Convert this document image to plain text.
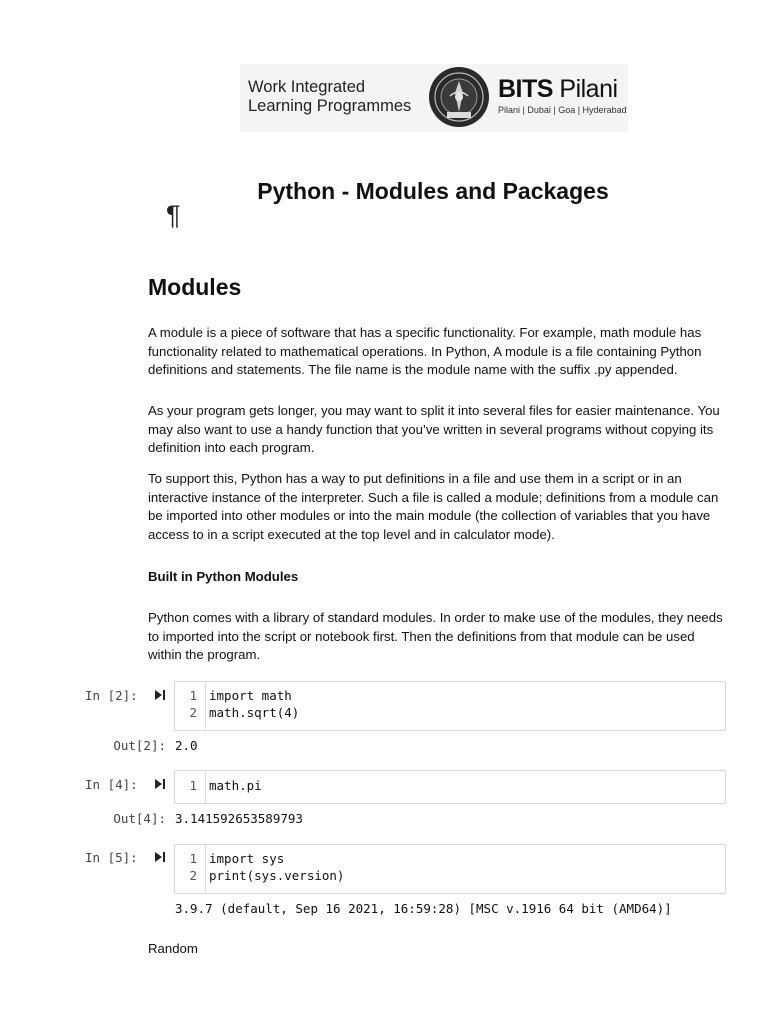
Work Integrated
Learning Programmes
BITS Pilani
Pilani | Dubai | Goa | Hyderabad
Python - Modules and Packages
¶
Modules
A module is a piece of software that has a specific functionality. For example, math module has functionality related to mathematical operations. In Python, A module is a file containing Python definitions and statements. The file name is the module name with the suffix .py appended.
As your program gets longer, you may want to split it into several files for easier maintenance. You may also want to use a handy function that you’ve written in several programs without copying its definition into each program.
To support this, Python has a way to put definitions in a file and use them in a script or in an interactive instance of the interpreter. Such a file is called a module; definitions from a module can be imported into other modules or into the main module (the collection of variables that you have access to in a script executed at the top level and in calculator mode).
Built in Python Modules
Python comes with a library of standard modules. In order to make use of the modules, they needs to imported into the script or notebook first. Then the definitions from that module can be used within the program.
In [2]:	1 import math
2 math.sqrt(4)
Out[2]: 2.0
In [4]:	1 math.pi
Out[4]: 3.141592653589793
In [5]:	1 import sys
2 print(sys.version)
3.9.7 (default, Sep 16 2021, 16:59:28) [MSC v.1916 64 bit (AMD64)]
Random
